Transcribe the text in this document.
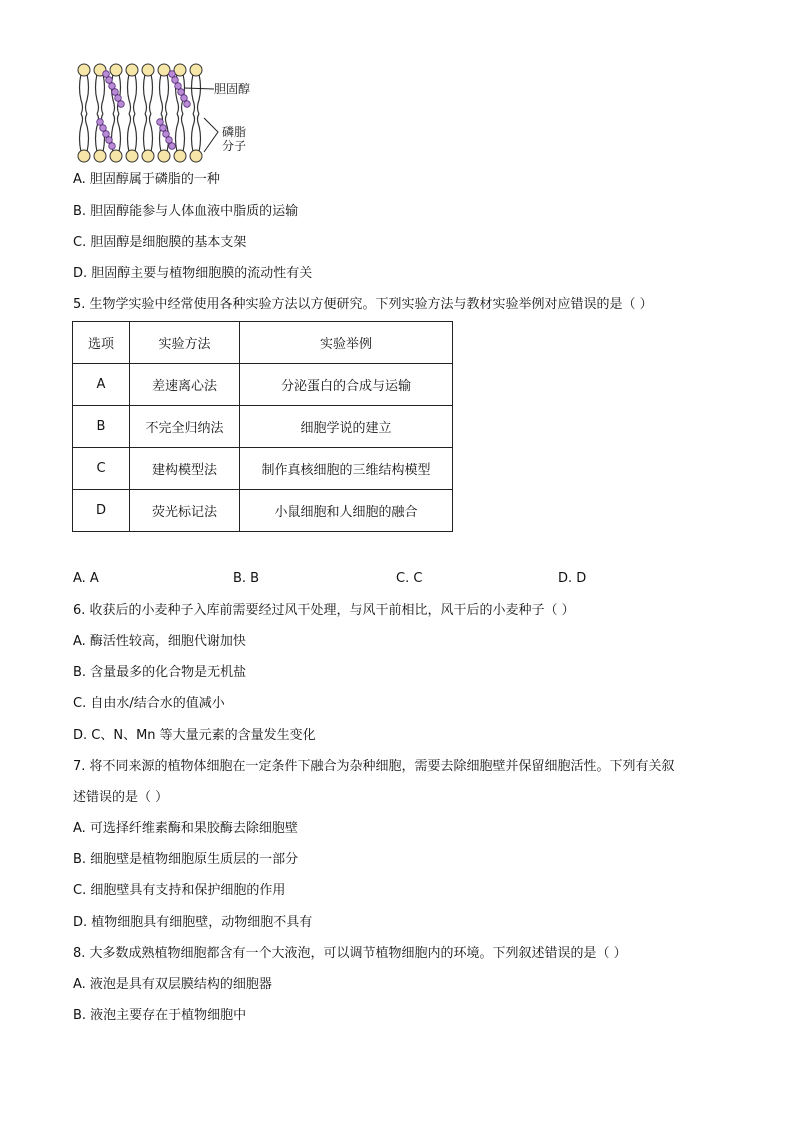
胆固醇
磷脂
分子
A. 胆固醇属于磷脂的一种
B. 胆固醇能参与人体血液中脂质的运输
C. 胆固醇是细胞膜的基本支架
D. 胆固醇主要与植物细胞膜的流动性有关
5. 生物学实验中经常使用各种实验方法以方便研究。下列实验方法与教材实验举例对应错误的是（ ）
选项	实验方法	实验举例
A	差速离心法	分泌蛋白的合成与运输
B	不完全归纳法	细胞学说的建立
C	建构模型法	制作真核细胞的三维结构模型
D	荧光标记法	小鼠细胞和人细胞的融合
A. A	B. B	C. C	D. D
6. 收获后的小麦种子入库前需要经过风干处理，与风干前相比，风干后的小麦种子（ ）
A. 酶活性较高，细胞代谢加快
B. 含量最多的化合物是无机盐
C. 自由水/结合水的值减小
D. C、N、Mn 等大量元素的含量发生变化
7. 将不同来源的植物体细胞在一定条件下融合为杂种细胞，需要去除细胞壁并保留细胞活性。下列有关叙
述错误的是（ ）
A. 可选择纤维素酶和果胶酶去除细胞壁
B. 细胞壁是植物细胞原生质层的一部分
C. 细胞壁具有支持和保护细胞的作用
D. 植物细胞具有细胞壁，动物细胞不具有
8. 大多数成熟植物细胞都含有一个大液泡，可以调节植物细胞内的环境。下列叙述错误的是（ ）
A. 液泡是具有双层膜结构的细胞器
B. 液泡主要存在于植物细胞中
